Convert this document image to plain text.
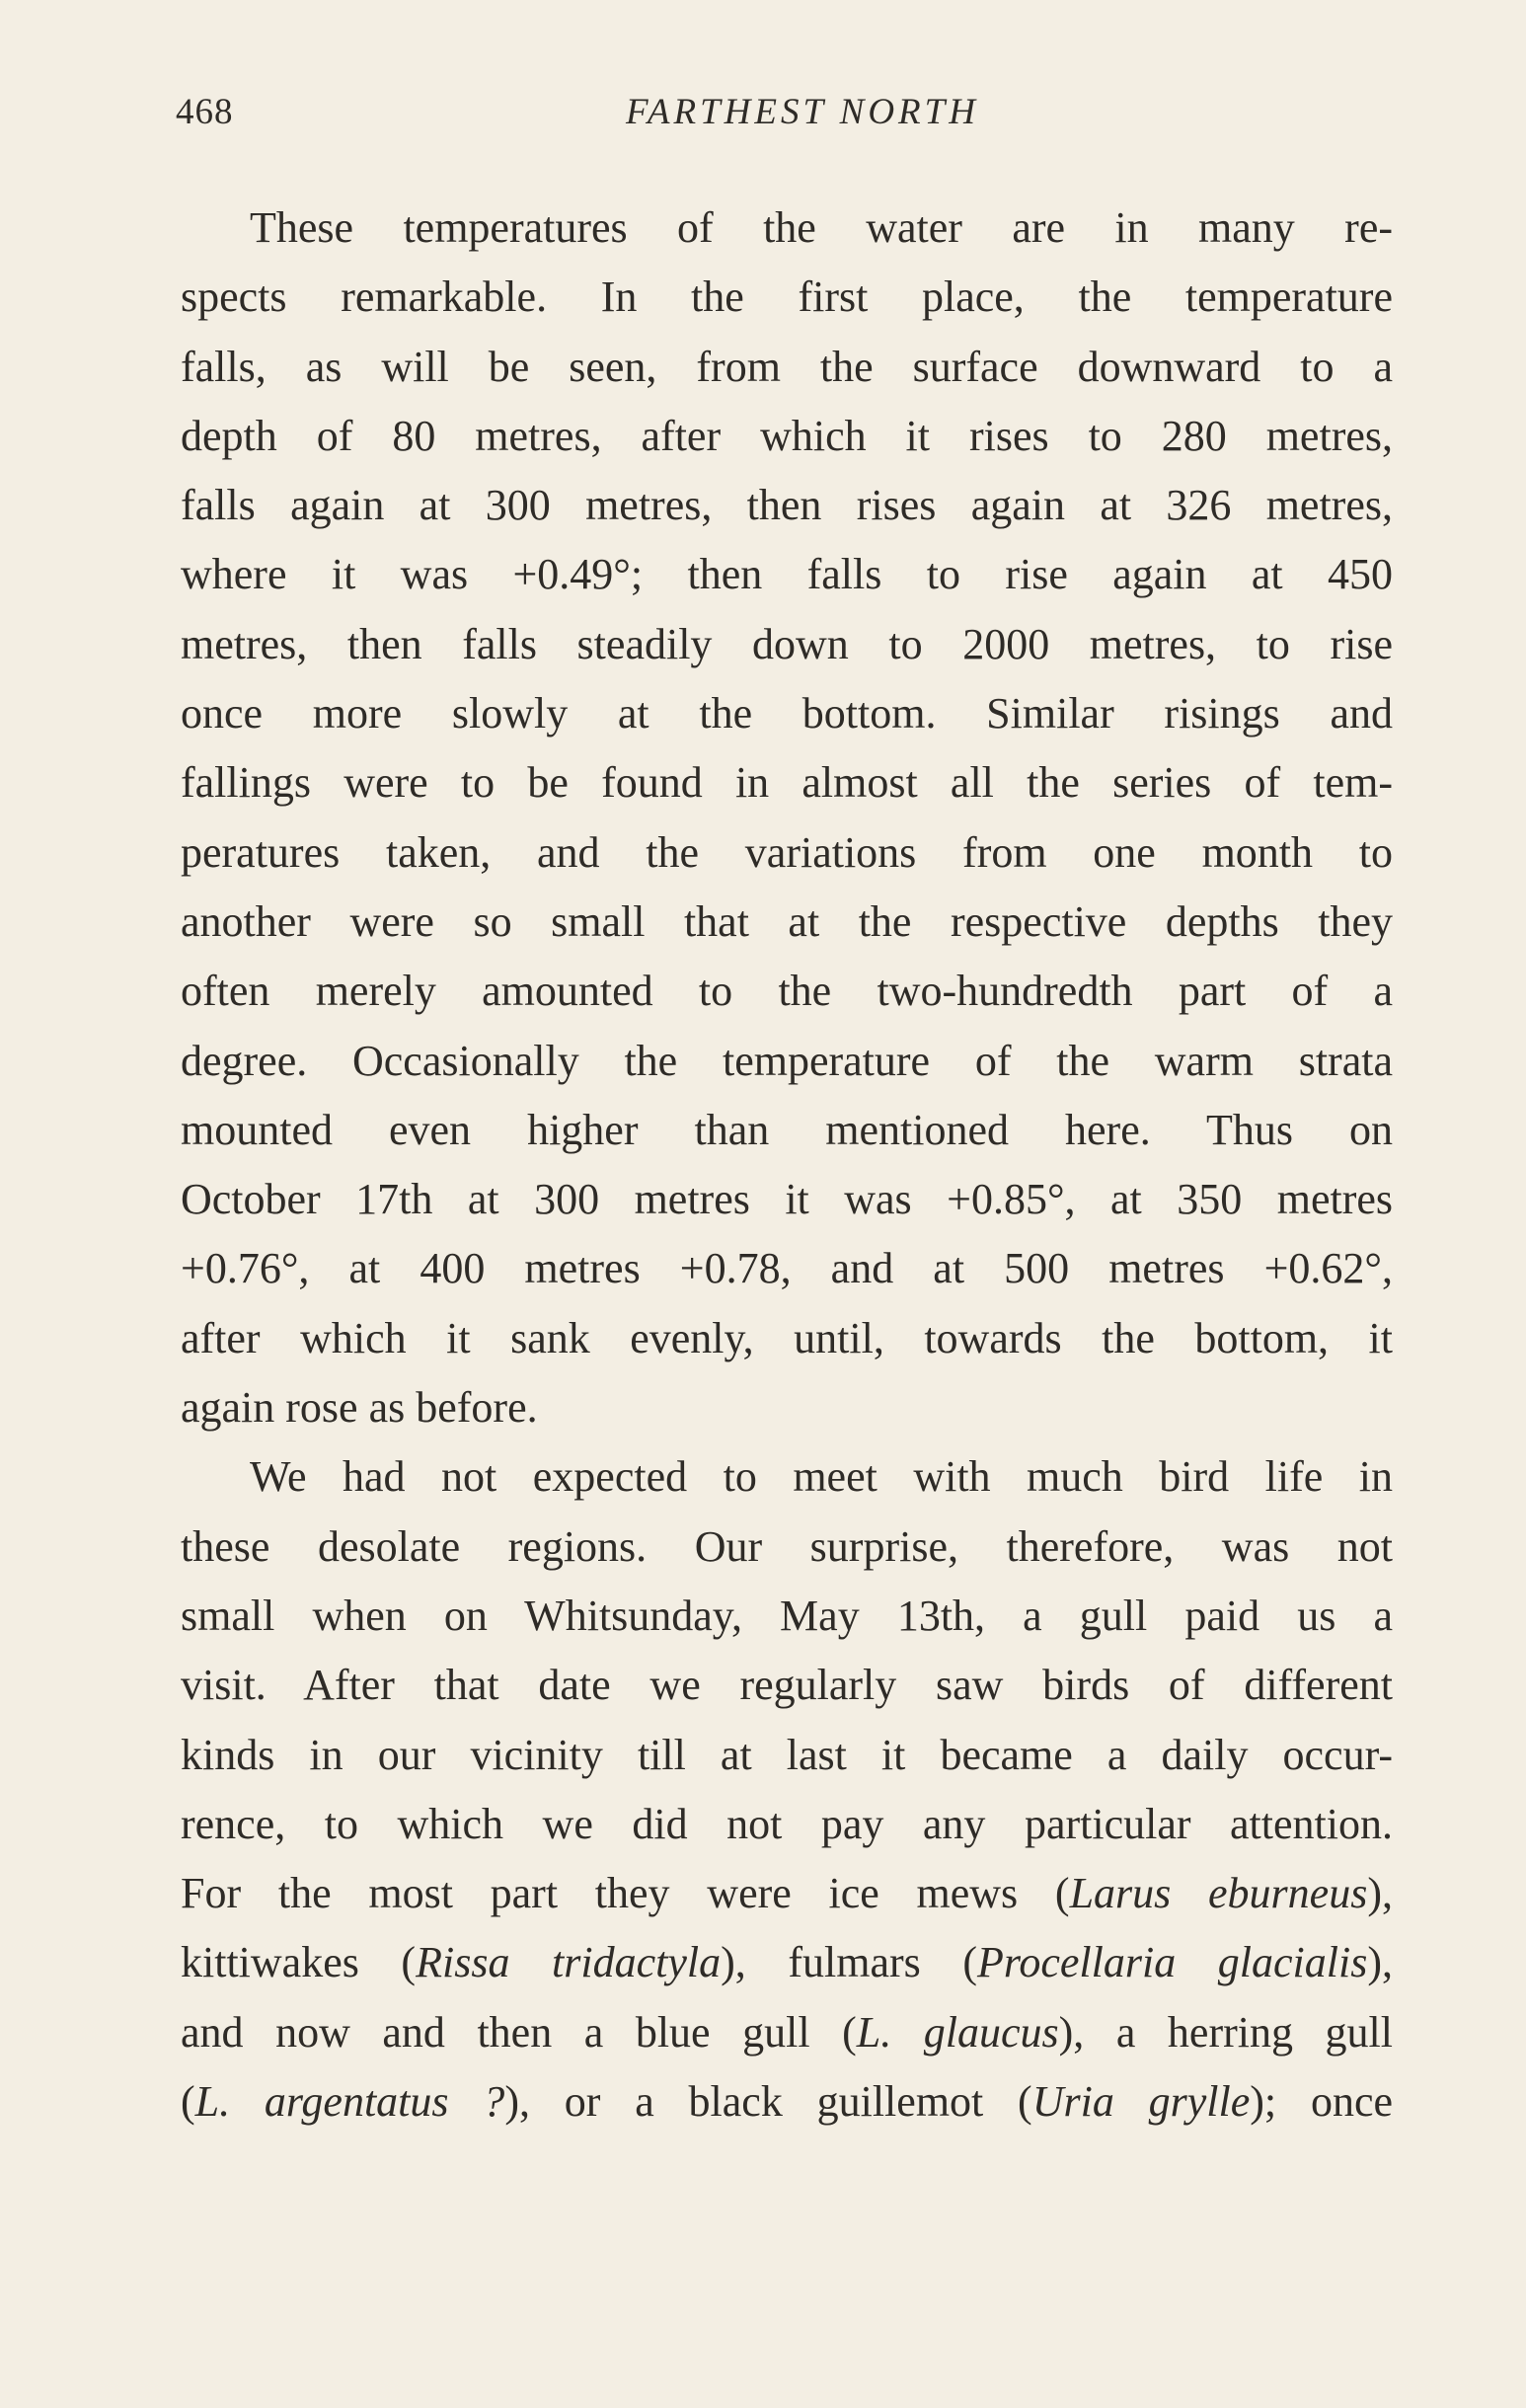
468	FARTHEST NORTH
These temperatures of the water are in many re-
spects remarkable. In the first place, the temperature
falls, as will be seen, from the surface downward to a
depth of 80 metres, after which it rises to 280 metres,
falls again at 300 metres, then rises again at 326 metres,
where it was +0.49°; then falls to rise again at 450
metres, then falls steadily down to 2000 metres, to rise
once more slowly at the bottom. Similar risings and
fallings were to be found in almost all the series of tem-
peratures taken, and the variations from one month to
another were so small that at the respective depths they
often merely amounted to the two-hundredth part of a
degree. Occasionally the temperature of the warm strata
mounted even higher than mentioned here. Thus on
October 17th at 300 metres it was +0.85°, at 350 metres
+0.76°, at 400 metres +0.78, and at 500 metres +0.62°,
after which it sank evenly, until, towards the bottom, it
again rose as before.
We had not expected to meet with much bird life in
these desolate regions. Our surprise, therefore, was not
small when on Whitsunday, May 13th, a gull paid us a
visit. After that date we regularly saw birds of different
kinds in our vicinity till at last it became a daily occur-
rence, to which we did not pay any particular attention.
For the most part they were ice mews (Larus eburneus),
kittiwakes (Rissa tridactyla), fulmars (Procellaria glacialis),
and now and then a blue gull (L. glaucus), a herring gull
(L. argentatus ?), or a black guillemot (Uria grylle); once
